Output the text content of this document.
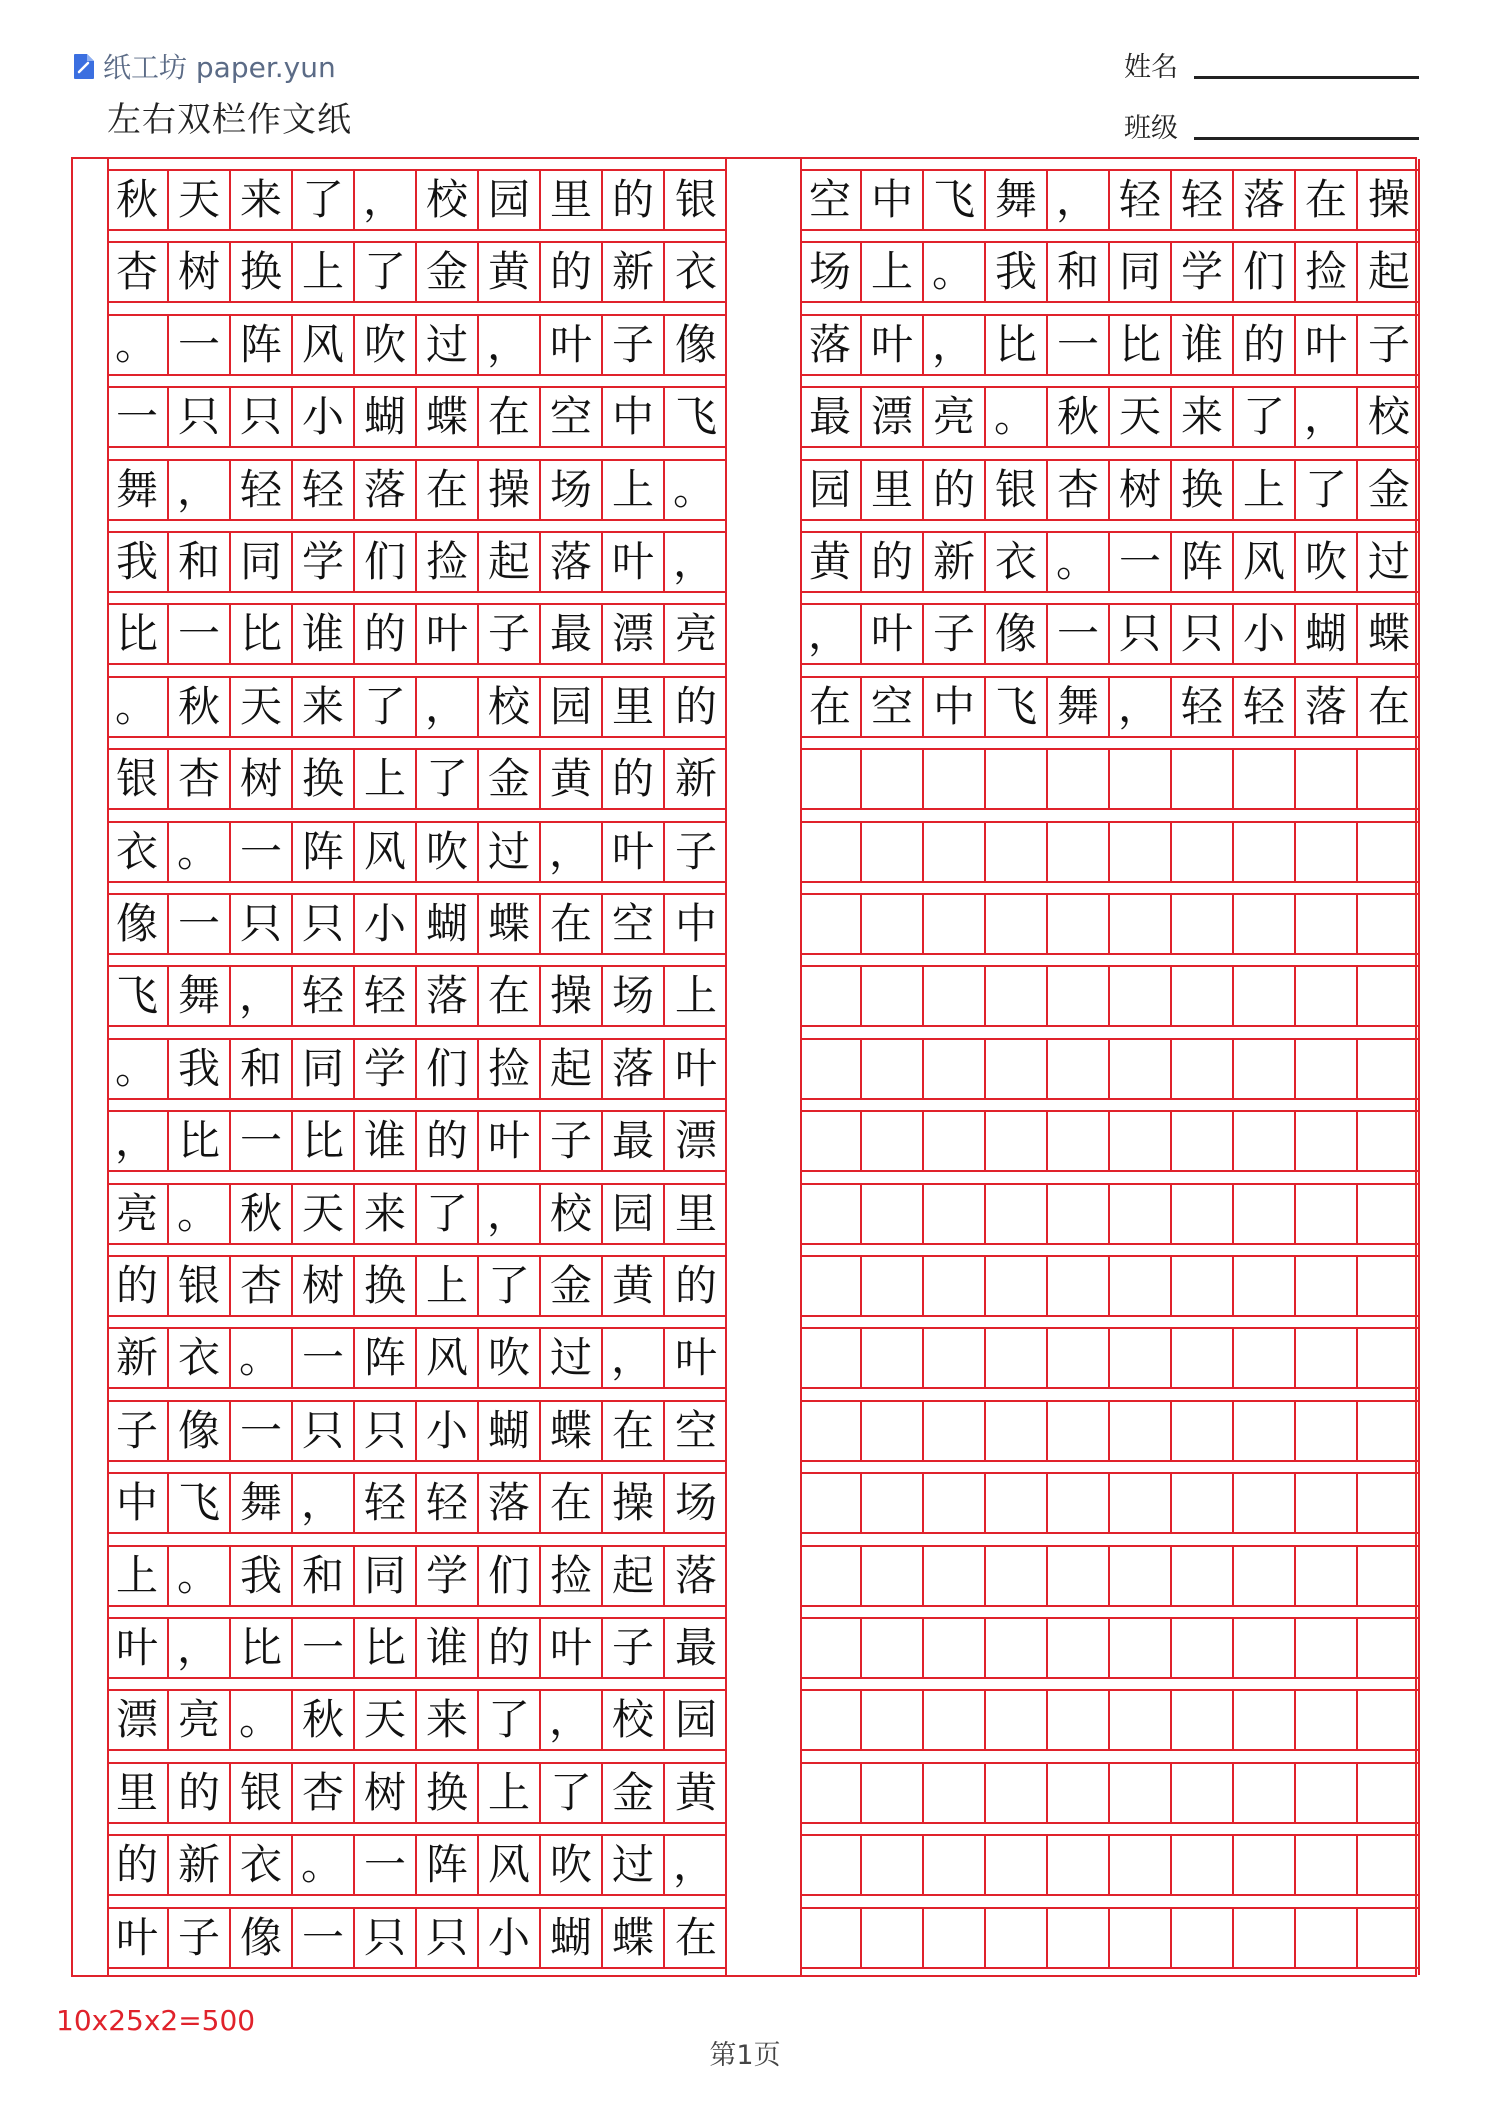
纸工坊 paper.yun
左右双栏作文纸
姓名
班级
秋 天 来 了 ， 校 园 里 的 银
杏 树 换 上 了 金 黄 的 新 衣
。 一 阵 风 吹 过 ， 叶 子 像
一 只 只 小 蝴 蝶 在 空 中 飞
舞 ， 轻 轻 落 在 操 场 上 。
我 和 同 学 们 捡 起 落 叶 ，
比 一 比 谁 的 叶 子 最 漂 亮
。 秋 天 来 了 ， 校 园 里 的
银 杏 树 换 上 了 金 黄 的 新
衣 。 一 阵 风 吹 过 ， 叶 子
像 一 只 只 小 蝴 蝶 在 空 中
飞 舞 ， 轻 轻 落 在 操 场 上
。 我 和 同 学 们 捡 起 落 叶
， 比 一 比 谁 的 叶 子 最 漂
亮 。 秋 天 来 了 ， 校 园 里
的 银 杏 树 换 上 了 金 黄 的
新 衣 。 一 阵 风 吹 过 ， 叶
子 像 一 只 只 小 蝴 蝶 在 空
中 飞 舞 ， 轻 轻 落 在 操 场
上 。 我 和 同 学 们 捡 起 落
叶 ， 比 一 比 谁 的 叶 子 最
漂 亮 。 秋 天 来 了 ， 校 园
里 的 银 杏 树 换 上 了 金 黄
的 新 衣 。 一 阵 风 吹 过 ，
叶 子 像 一 只 只 小 蝴 蝶 在
空 中 飞 舞 ， 轻 轻 落 在 操
场 上 。 我 和 同 学 们 捡 起
落 叶 ， 比 一 比 谁 的 叶 子
最 漂 亮 。 秋 天 来 了 ， 校
园 里 的 银 杏 树 换 上 了 金
黄 的 新 衣 。 一 阵 风 吹 过
， 叶 子 像 一 只 只 小 蝴 蝶
在 空 中 飞 舞 ， 轻 轻 落 在
10x25x2=500
第1页
